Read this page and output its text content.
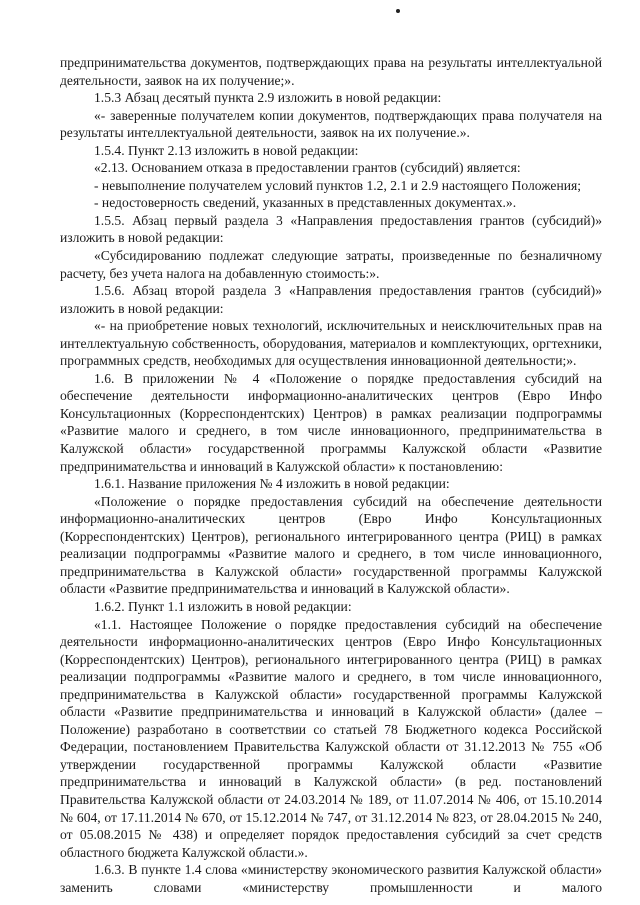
предпринимательства документов, подтверждающих права на результаты интеллектуальной деятельности, заявок на их получение;».

1.5.3 Абзац десятый пункта 2.9 изложить в новой редакции:

«- заверенные получателем копии документов, подтверждающих права получателя на результаты интеллектуальной деятельности, заявок на их получение.».

1.5.4. Пункт 2.13 изложить в новой редакции:

«2.13. Основанием отказа в предоставлении грантов (субсидий) является:

- невыполнение получателем условий пунктов 1.2, 2.1 и 2.9 настоящего Положения;

- недостоверность сведений, указанных в представленных документах.».

1.5.5. Абзац первый раздела 3 «Направления предоставления грантов (субсидий)» изложить в новой редакции:

«Субсидированию подлежат следующие затраты, произведенные по безналичному расчету, без учета налога на добавленную стоимость:».

1.5.6. Абзац второй раздела 3 «Направления предоставления грантов (субсидий)» изложить в новой редакции:

«- на приобретение новых технологий, исключительных и неисключительных прав на интеллектуальную собственность, оборудования, материалов и комплектующих, оргтехники, программных средств, необходимых для осуществления инновационной деятельности;».

1.6. В приложении № 4 «Положение о порядке предоставления субсидий на обеспечение деятельности информационно-аналитических центров (Евро Инфо Консультационных (Корреспондентских) Центров) в рамках реализации подпрограммы «Развитие малого и среднего, в том числе инновационного, предпринимательства в Калужской области» государственной программы Калужской области «Развитие предпринимательства и инноваций в Калужской области» к постановлению:

1.6.1. Название приложения № 4 изложить в новой редакции:

«Положение о порядке предоставления субсидий на обеспечение деятельности информационно-аналитических центров (Евро Инфо Консультационных (Корреспондентских) Центров), регионального интегрированного центра (РИЦ) в рамках реализации подпрограммы «Развитие малого и среднего, в том числе инновационного, предпринимательства в Калужской области» государственной программы Калужской области «Развитие предпринимательства и инноваций в Калужской области».

1.6.2. Пункт 1.1 изложить в новой редакции:

«1.1. Настоящее Положение о порядке предоставления субсидий на обеспечение деятельности информационно-аналитических центров (Евро Инфо Консультационных (Корреспондентских) Центров), регионального интегрированного центра (РИЦ) в рамках реализации подпрограммы «Развитие малого и среднего, в том числе инновационного, предпринимательства в Калужской области» государственной программы Калужской области «Развитие предпринимательства и инноваций в Калужской области» (далее – Положение) разработано в соответствии со статьей 78 Бюджетного кодекса Российской Федерации, постановлением Правительства Калужской области от 31.12.2013 № 755 «Об утверждении государственной программы Калужской области «Развитие предпринимательства и инноваций в Калужской области» (в ред. постановлений Правительства Калужской области от 24.03.2014 № 189, от 11.07.2014 № 406, от 15.10.2014 № 604, от 17.11.2014 № 670, от 15.12.2014 № 747, от 31.12.2014 № 823, от 28.04.2015 № 240, от 05.08.2015 № 438) и определяет порядок предоставления субсидий за счет средств областного бюджета Калужской области.».

1.6.3. В пункте 1.4 слова «министерству экономического развития Калужской области» заменить словами «министерству промышленности и малого
